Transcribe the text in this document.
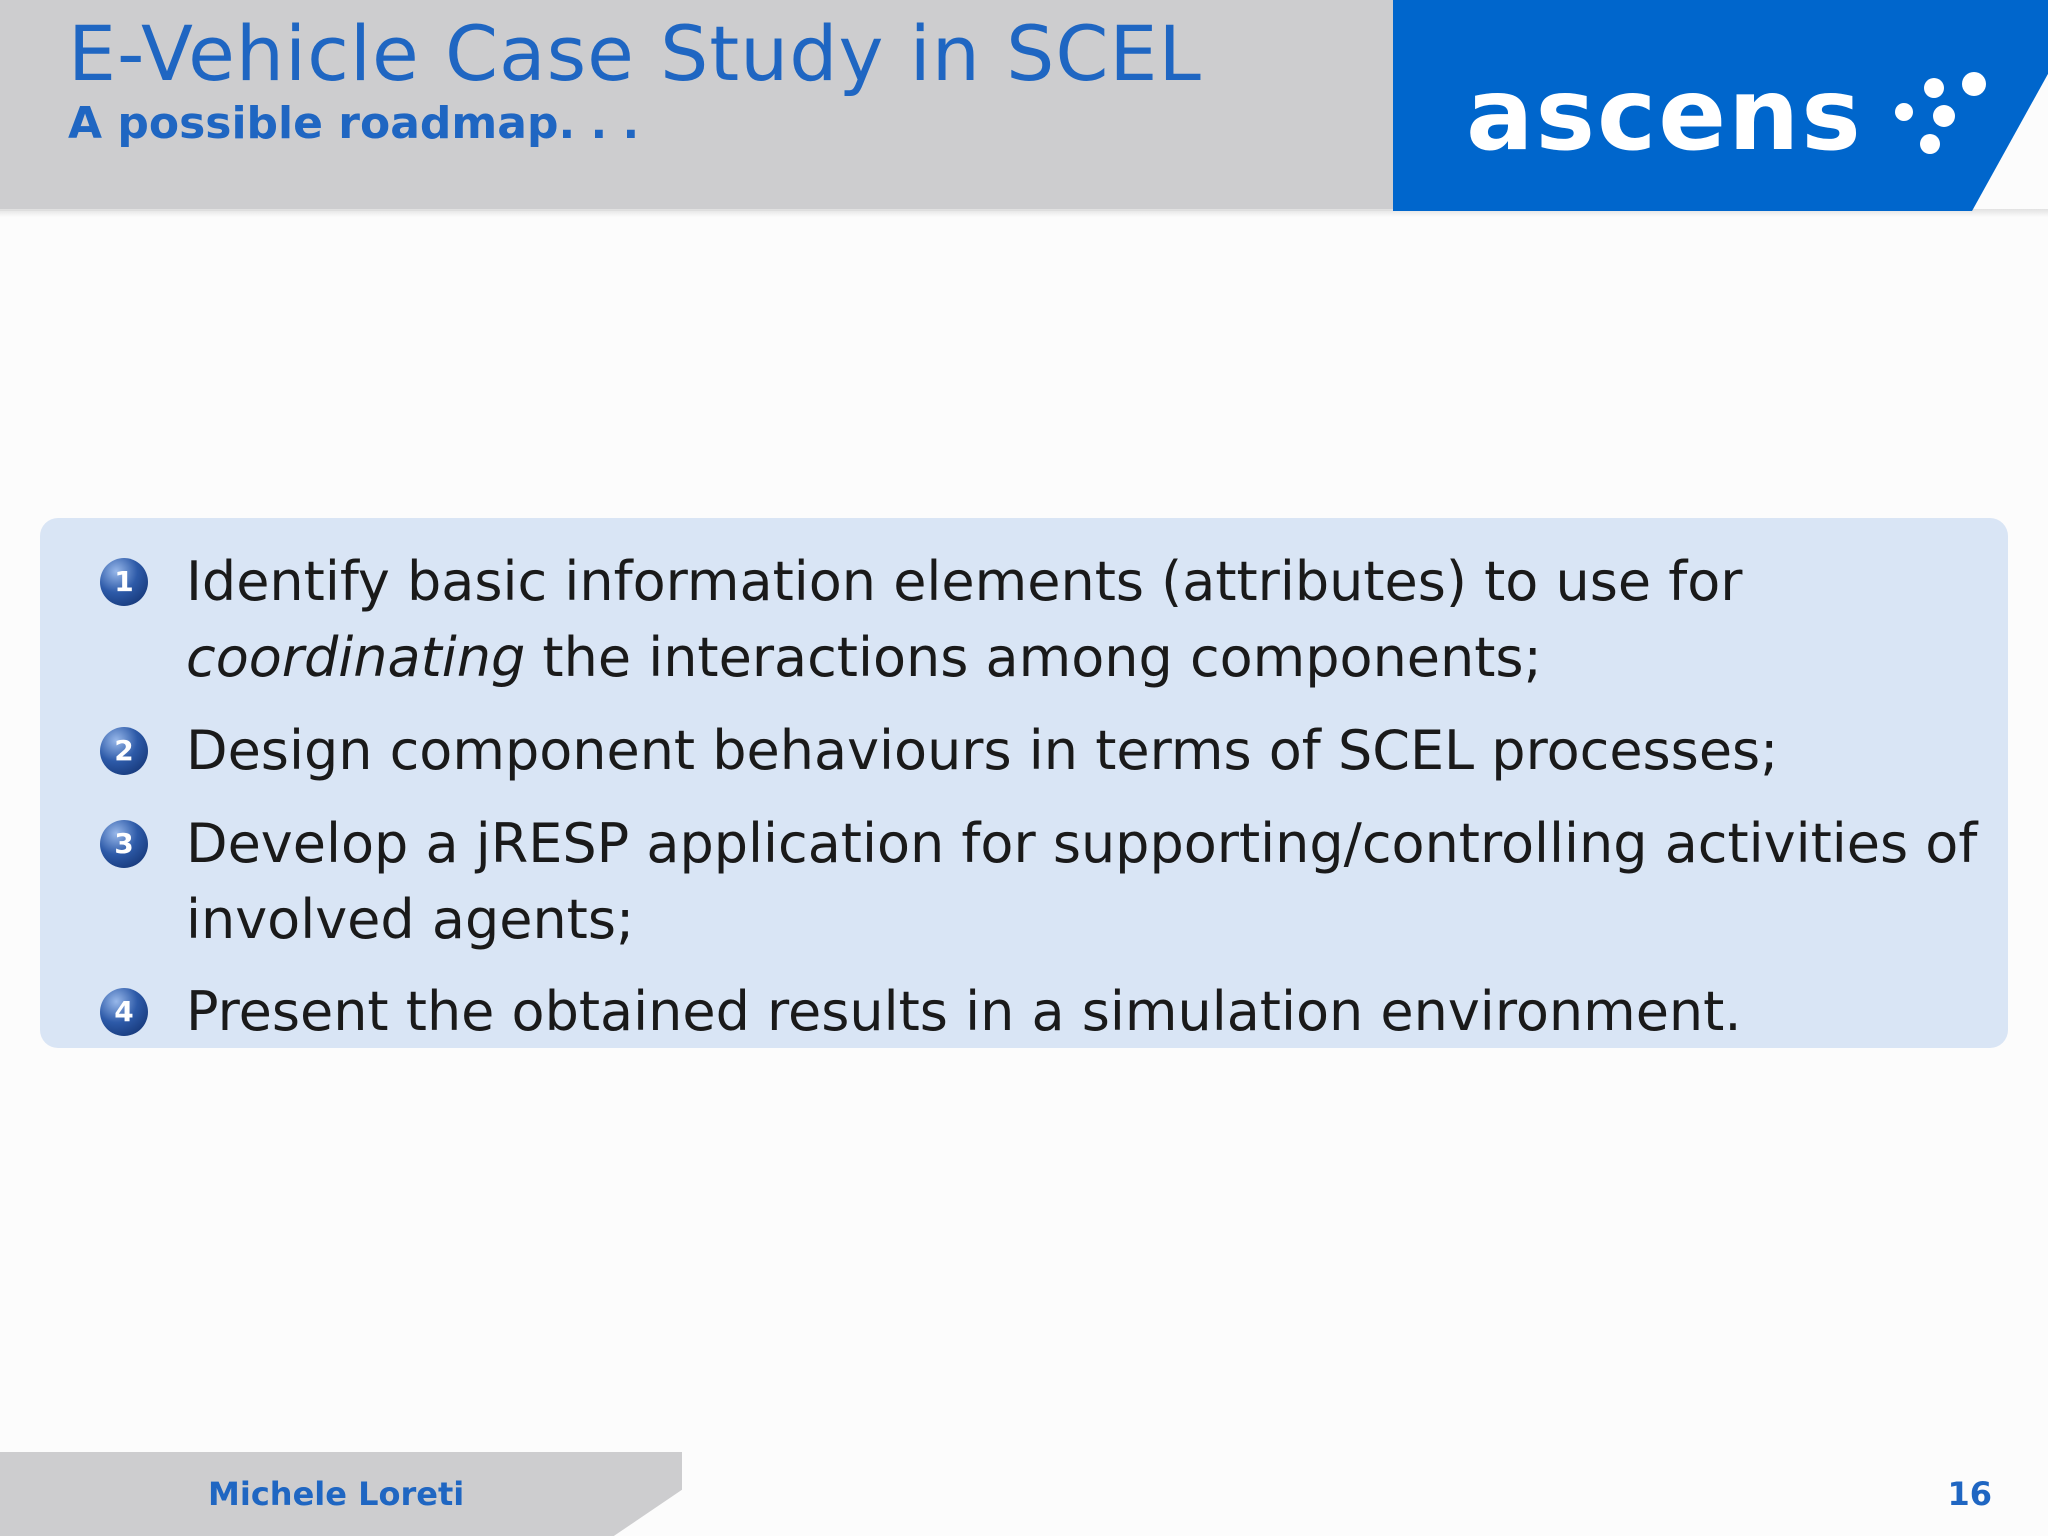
E-Vehicle Case Study in SCEL
A possible roadmap. . .	ascens
1 Identify basic information elements (attributes) to use for
coordinating the interactions among components;
2 Design component behaviours in terms of SCEL processes;
3 Develop a jRESP application for supporting/controlling activities of
involved agents;
4 Present the obtained results in a simulation environment.
Michele Loreti	16
